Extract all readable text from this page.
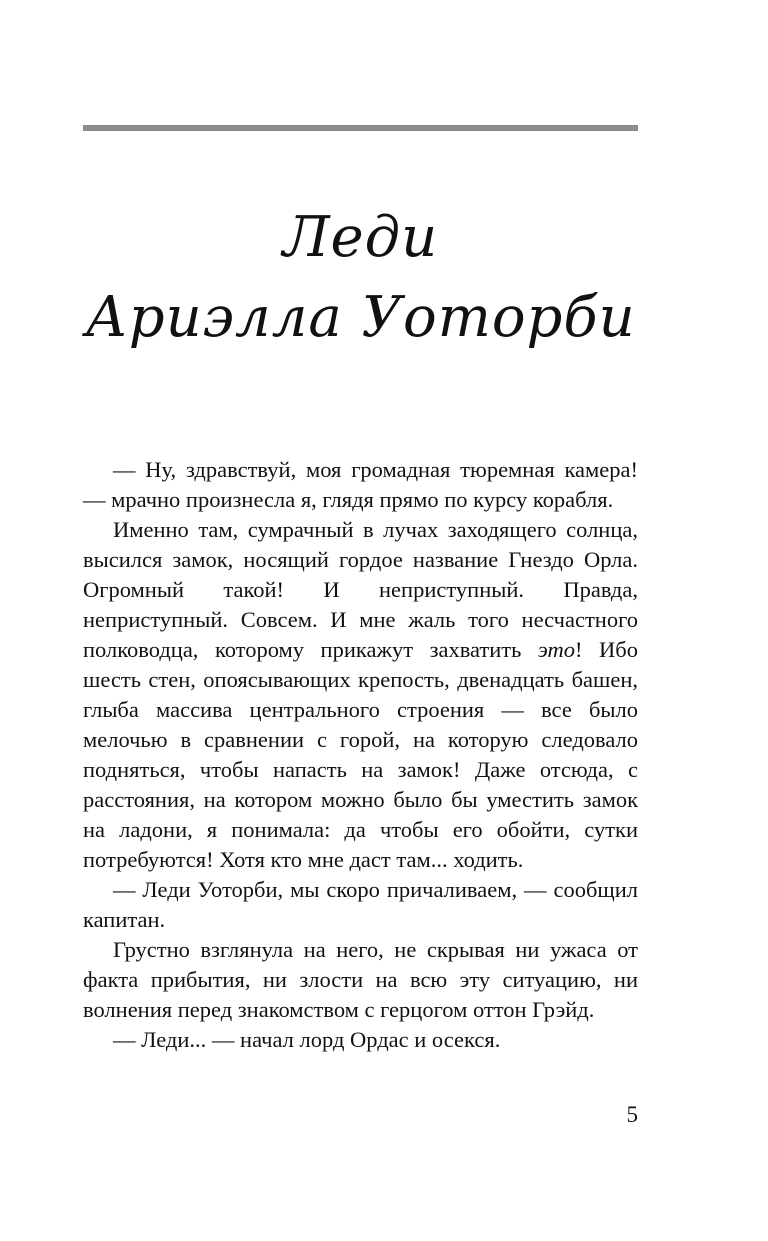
Леди
Ариэлла Уоторби

— Ну, здравствуй, моя громадная тюремная камера! — мрачно произнесла я, глядя прямо по курсу корабля.

Именно там, сумрачный в лучах заходящего солнца, высился замок, носящий гордое название Гнездо Орла. Огромный такой! И неприступный. Правда, неприступный. Совсем. И мне жаль того несчастного полководца, которому прикажут захватить это! Ибо шесть стен, опоясывающих крепость, двенадцать башен, глыба массива центрального строения — все было мелочью в сравнении с горой, на которую следовало подняться, чтобы напасть на замок! Даже отсюда, с расстояния, на котором можно было бы уместить замок на ладони, я понимала: да чтобы его обойти, сутки потребуются! Хотя кто мне даст там... ходить.

— Леди Уоторби, мы скоро причаливаем, — сообщил капитан.

Грустно взглянула на него, не скрывая ни ужаса от факта прибытия, ни злости на всю эту ситуацию, ни волнения перед знакомством с герцогом оттон Грэйд.

— Леди... — начал лорд Ордас и осекся.

5
